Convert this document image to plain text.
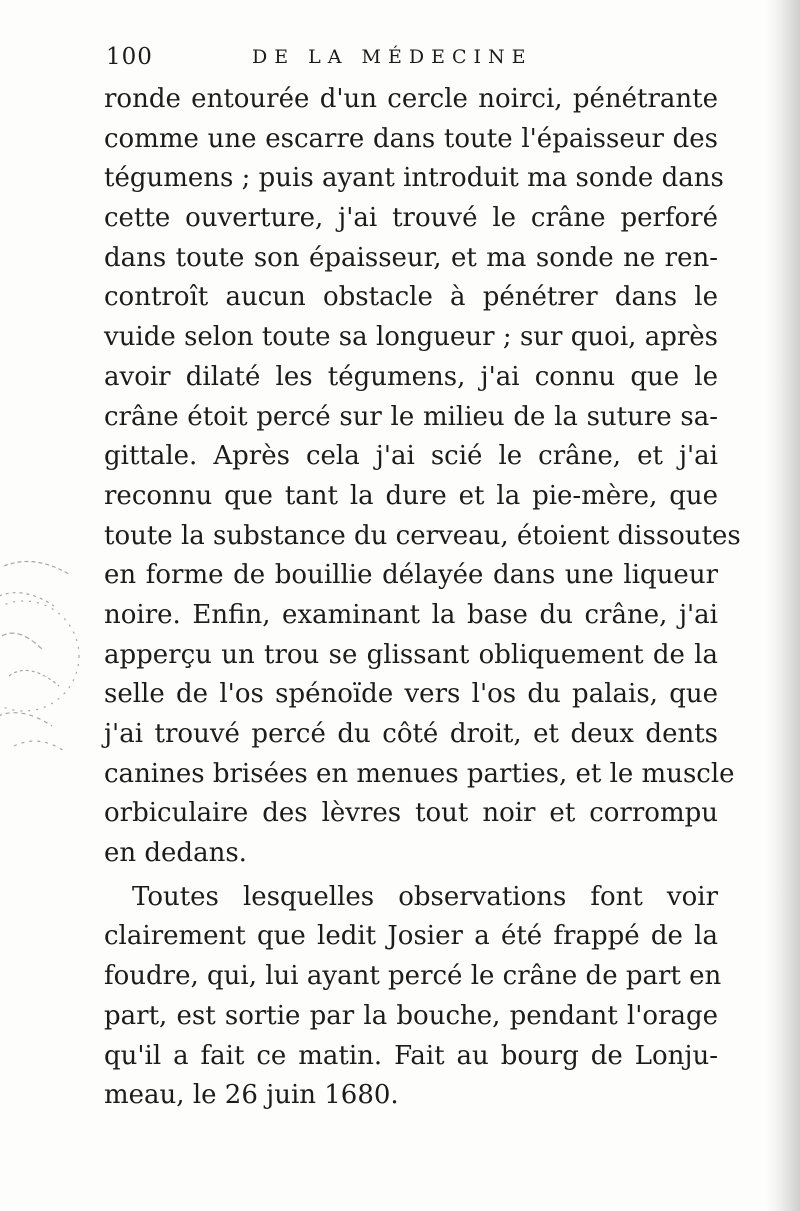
100	DE LA MÉDECINE
ronde entourée d'un cercle noirci, pénétrante
comme une escarre dans toute l'épaisseur des
tégumens ; puis ayant introduit ma sonde dans
cette ouverture, j'ai trouvé le crâne perforé
dans toute son épaisseur, et ma sonde ne ren-
controît aucun obstacle à pénétrer dans le
vuide selon toute sa longueur ; sur quoi, après
avoir dilaté les tégumens, j'ai connu que le
crâne étoit percé sur le milieu de la suture sa-
gittale. Après cela j'ai scié le crâne, et j'ai
reconnu que tant la dure et la pie-mère, que
toute la substance du cerveau, étoient dissoutes
en forme de bouillie délayée dans une liqueur
noire. Enfin, examinant la base du crâne, j'ai
apperçu un trou se glissant obliquement de la
selle de l'os spénoïde vers l'os du palais, que
j'ai trouvé percé du côté droit, et deux dents
canines brisées en menues parties, et le muscle
orbiculaire des lèvres tout noir et corrompu
en dedans.
Toutes lesquelles observations font voir
clairement que ledit Josier a été frappé de la
foudre, qui, lui ayant percé le crâne de part en
part, est sortie par la bouche, pendant l'orage
qu'il a fait ce matin. Fait au bourg de Lonju-
meau, le 26 juin 1680.
